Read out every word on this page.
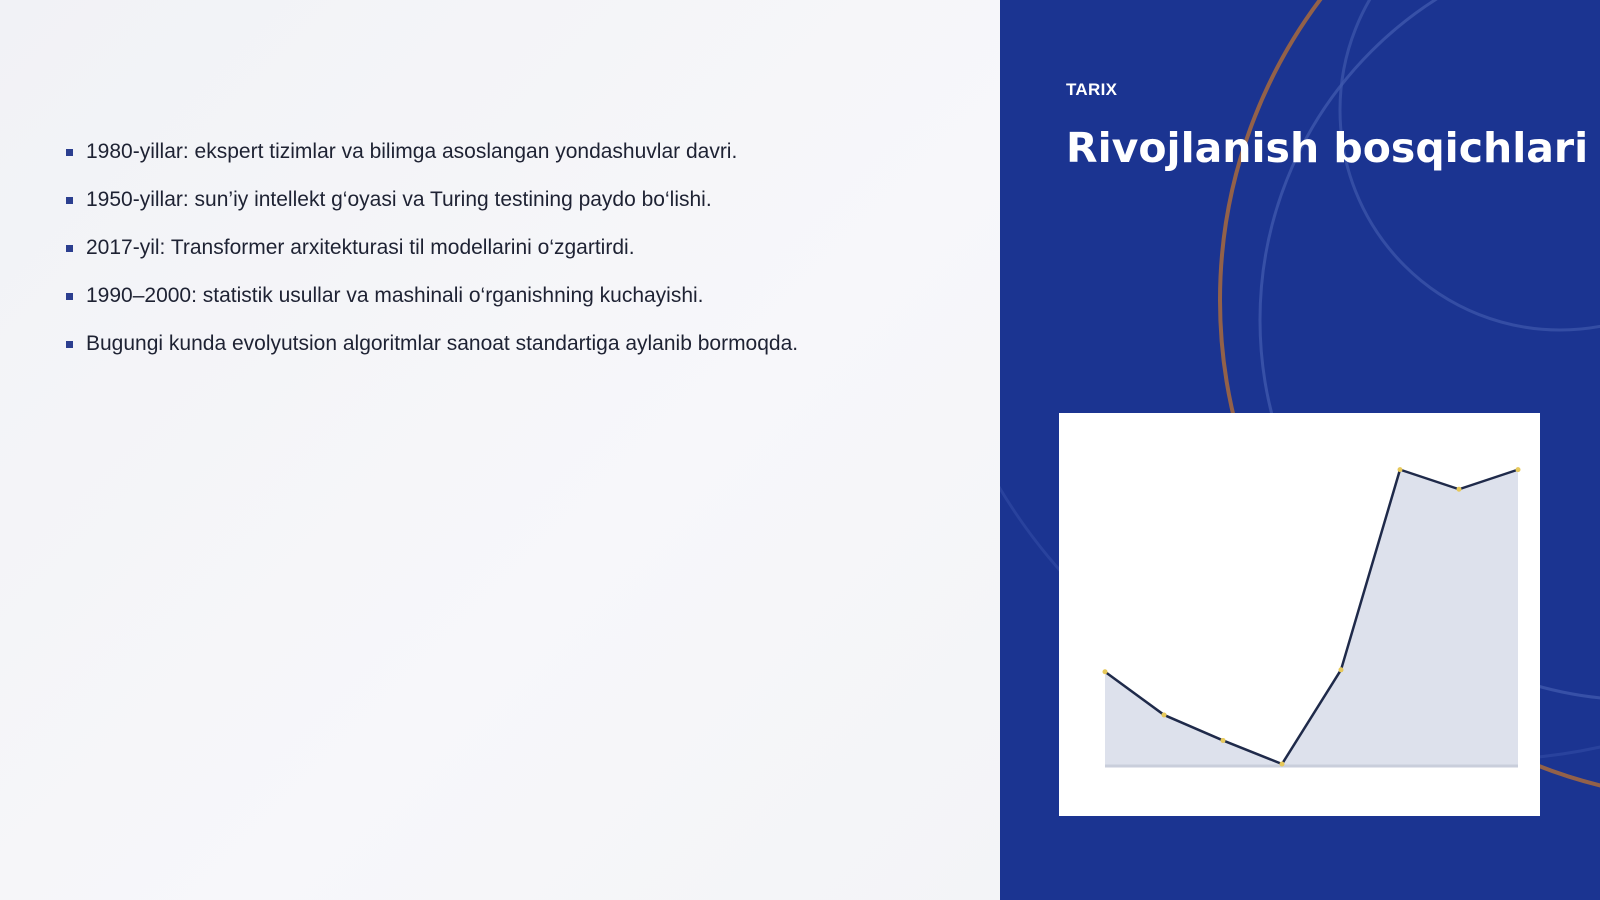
1980-yillar: ekspert tizimlar va bilimga asoslangan yondashuvlar davri.
1950-yillar: sun’iy intellekt g‘oyasi va Turing testining paydo bo‘lishi.
2017-yil: Transformer arxitekturasi til modellarini o‘zgartirdi.
1990–2000: statistik usullar va mashinali o‘rganishning kuchayishi.
Bugungi kunda evolyutsion algoritmlar sanoat standartiga aylanib bormoqda.
TARIX
Rivojlanish bosqichlari
